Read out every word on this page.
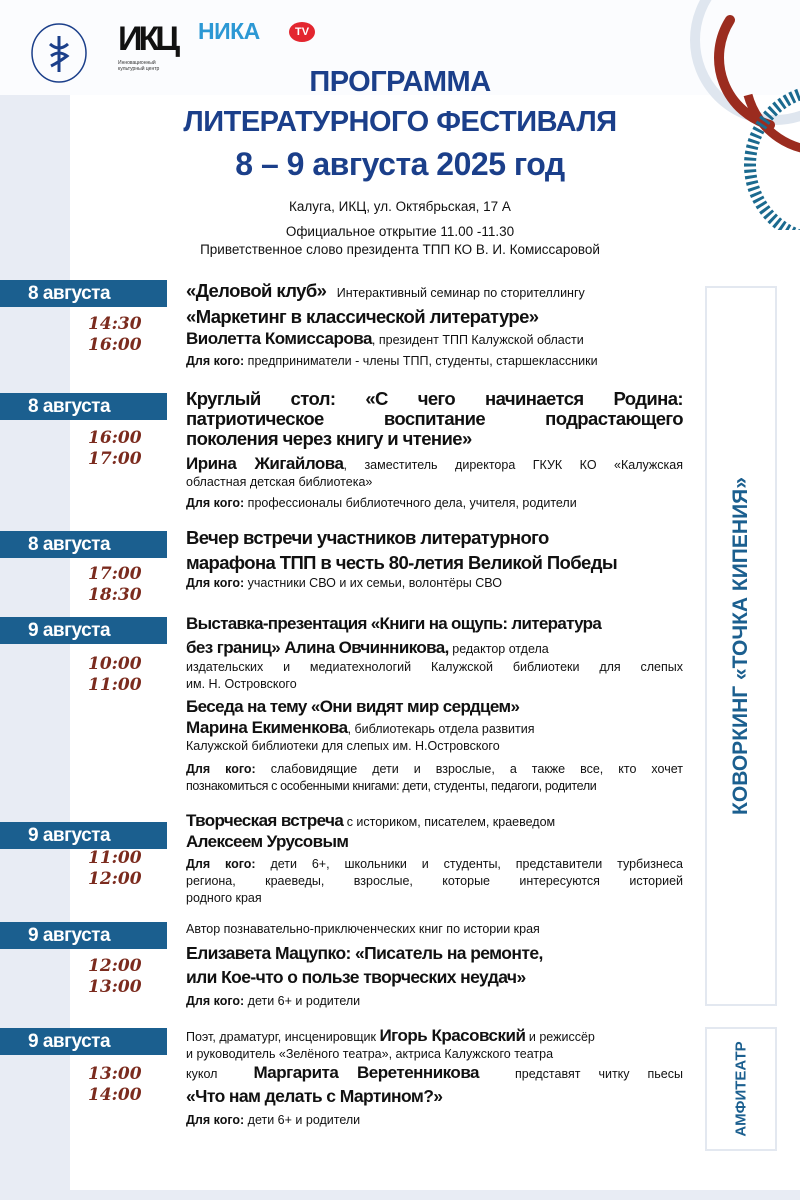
ИКЦ
Инновационный культурный центр
НИКА	TV
ПРОГРАММА
ЛИТЕРАТУРНОГО ФЕСТИВАЛЯ
8 – 9 августа 2025 год
Калуга, ИКЦ, ул. Октябрьская, 17 А
Официальное открытие 11.00 -11.30
Приветственное слово президента ТПП КО В. И. Комиссаровой
КОВОРКИНГ «ТОЧКА КИПЕНИЯ»
АМФИТЕАТР
8 августа
14:30
16:00
«Деловой клуб» Интерактивный семинар по сторителлингу
«Маркетинг в классической литературе»
Виолетта Комиссарова, президент ТПП Калужской области
Для кого: предприниматели - члены ТПП, студенты, старшеклассники
8 августа
16:00
17:00
Круглый стол: «С чего начинается Родина:
патриотическое воспитание подрастающего
поколения через книгу и чтение»
Ирина Жигайлова, заместитель директора ГКУК КО «Калужская
областная детская библиотека»
Для кого: профессионалы библиотечного дела, учителя, родители
8 августа
17:00
18:30
Вечер встречи участников литературного
марафона ТПП в честь 80-летия Великой Победы
Для кого: участники СВО и их семьи, волонтёры СВО
9 августа
10:00
11:00
Выставка-презентация «Книги на ощупь: литература
без границ» Алина Овчинникова, редактор отдела
издательских и медиатехнологий Калужской библиотеки для слепых
им. Н. Островского
Беседа на тему «Они видят мир сердцем»
Марина Екименкова, библиотекарь отдела развития
Калужской библиотеки для слепых им. Н.Островского
Для кого: слабовидящие дети и взрослые, а также все, кто хочет
познакомиться с особенными книгами: дети, студенты, педагоги, родители
9 августа
11:00
12:00
Творческая встреча с историком, писателем, краеведом
Алексеем Урусовым
Для кого: дети 6+, школьники и студенты, представители турбизнеса
региона, краеведы, взрослые, которые интересуются историей
родного края
9 августа
12:00
13:00
Автор познавательно-приключенческих книг по истории края
Елизавета Мацупко: «Писатель на ремонте,
или Кое-что о пользе творческих неудач»
Для кого: дети 6+ и родители
9 августа
13:00
14:00
Поэт, драматург, инсценировщик Игорь Красовский и режиссёр
и руководитель «Зелёного театра», актриса Калужского театра
кукол  Маргарита Веретенникова  представят читку пьесы
«Что нам делать с Мартином?»
Для кого: дети 6+ и родители
